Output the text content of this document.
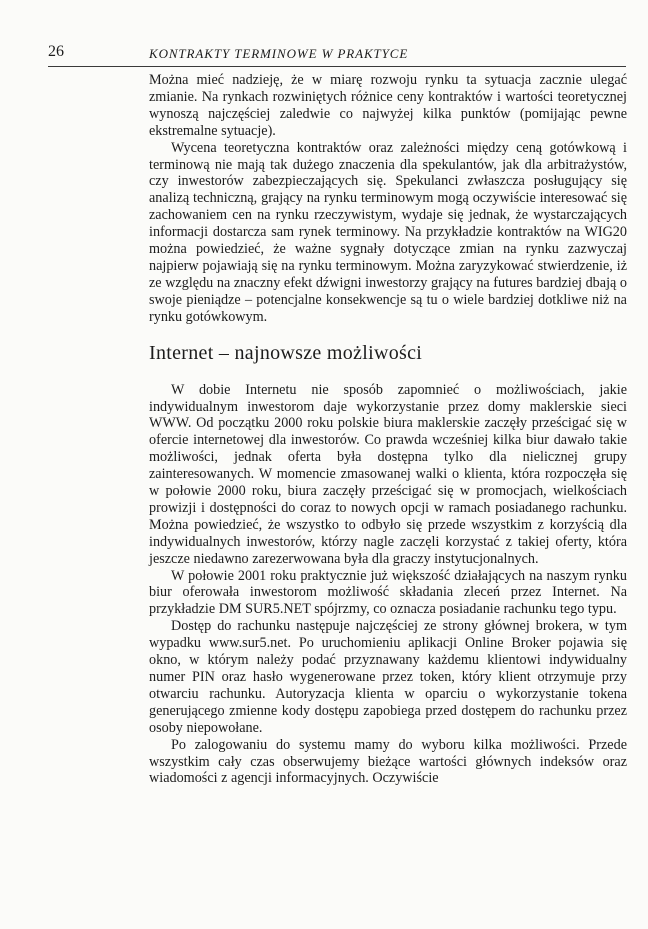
26	KONTRAKTY TERMINOWE W PRAKTYCE

Można mieć nadzieję, że w miarę rozwoju rynku ta sytuacja zacznie ulegać zmianie. Na rynkach rozwiniętych różnice ceny kontraktów i wartości teoretycznej wynoszą najczęściej zaledwie co najwyżej kilka punktów (pomijając pewne ekstremalne sytuacje).

Wycena teoretyczna kontraktów oraz zależności między ceną gotówkową i terminową nie mają tak dużego znaczenia dla spekulantów, jak dla arbitrażystów, czy inwestorów zabezpieczających się. Spekulanci zwłaszcza posługujący się analizą techniczną, grający na rynku terminowym mogą oczywiście interesować się zachowaniem cen na rynku rzeczywistym, wydaje się jednak, że wystarczających informacji dostarcza sam rynek terminowy. Na przykładzie kontraktów na WIG20 można powiedzieć, że ważne sygnały dotyczące zmian na rynku zazwyczaj najpierw pojawiają się na rynku terminowym. Można zaryzykować stwierdzenie, iż ze względu na znaczny efekt dźwigni inwestorzy grający na futures bardziej dbają o swoje pieniądze – potencjalne konsekwencje są tu o wiele bardziej dotkliwe niż na rynku gotówkowym.

Internet – najnowsze możliwości

W dobie Internetu nie sposób zapomnieć o możliwościach, jakie indywidualnym inwestorom daje wykorzystanie przez domy maklerskie sieci WWW. Od początku 2000 roku polskie biura maklerskie zaczęły prześcigać się w ofercie internetowej dla inwestorów. Co prawda wcześniej kilka biur dawało takie możliwości, jednak oferta była dostępna tylko dla nielicznej grupy zainteresowanych. W momencie zmasowanej walki o klienta, która rozpoczęła się w połowie 2000 roku, biura zaczęły prześcigać się w promocjach, wielkościach prowizji i dostępności do coraz to nowych opcji w ramach posiadanego rachunku. Można powiedzieć, że wszystko to odbyło się przede wszystkim z korzyścią dla indywidualnych inwestorów, którzy nagle zaczęli korzystać z takiej oferty, która jeszcze niedawno zarezerwowana była dla graczy instytucjonalnych.

W połowie 2001 roku praktycznie już większość działających na naszym rynku biur oferowała inwestorom możliwość składania zleceń przez Internet. Na przykładzie DM SUR5.NET spójrzmy, co oznacza posiadanie rachunku tego typu.

Dostęp do rachunku następuje najczęściej ze strony głównej brokera, w tym wypadku www.sur5.net. Po uruchomieniu aplikacji Online Broker pojawia się okno, w którym należy podać przyznawany każdemu klientowi indywidualny numer PIN oraz hasło wygenerowane przez token, który klient otrzymuje przy otwarciu rachunku. Autoryzacja klienta w oparciu o wykorzystanie tokena generującego zmienne kody dostępu zapobiega przed dostępem do rachunku przez osoby niepowołane.

Po zalogowaniu do systemu mamy do wyboru kilka możliwości. Przede wszystkim cały czas obserwujemy bieżące wartości głównych indeksów oraz wiadomości z agencji informacyjnych. Oczywiście
